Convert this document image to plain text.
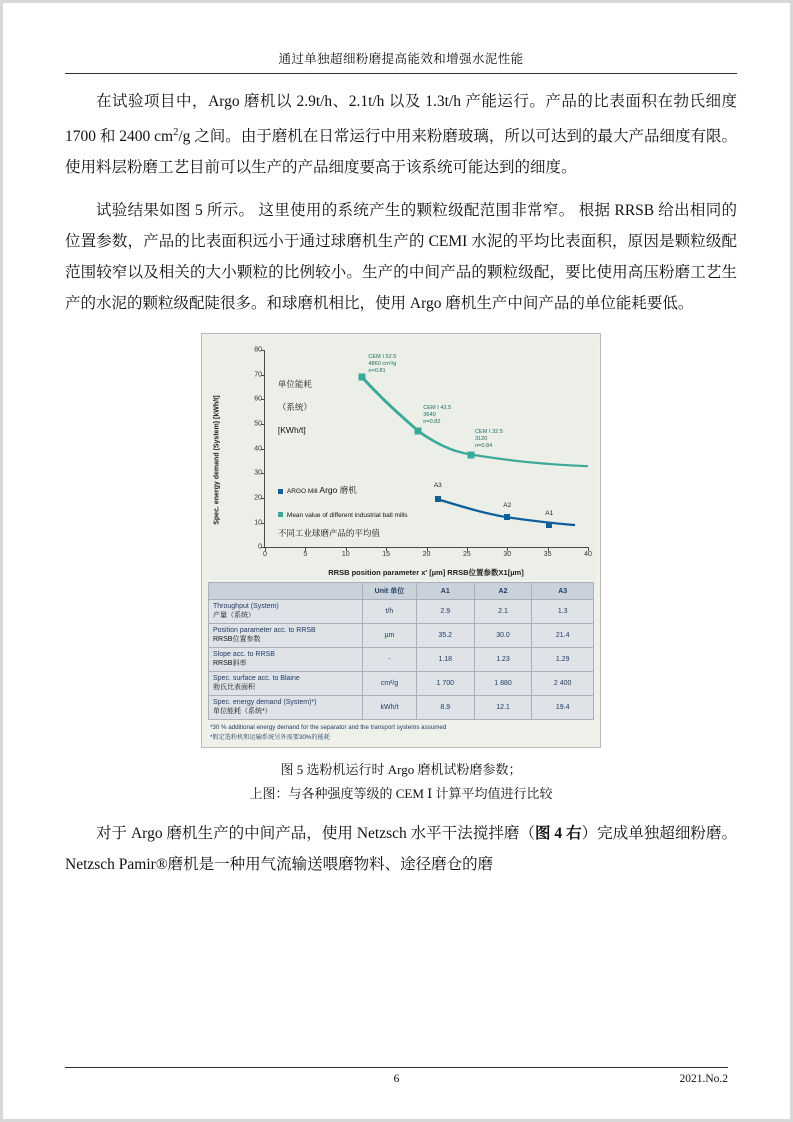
通过单独超细粉磨提高能效和增强水泥性能

在试验项目中，Argo 磨机以 2.9t/h、2.1t/h 以及 1.3t/h 产能运行。产品的比表面积在勃氏细度 1700 和 2400 $cm^2/g$ 之间。由于磨机在日常运行中用来粉磨玻璃，所以可达到的最大产品细度有限。使用料层粉磨工艺目前可以生产的产品细度要高于该系统可能达到的细度。

试验结果如图 5 所示。 这里使用的系统产生的颗粒级配范围非常窄。 根据 RRSB 给出相同的位置参数，产品的比表面积远小于通过球磨机生产的 CEMI 水泥的平均比表面积，原因是颗粒级配范围较窄以及相关的大小颗粒的比例较小。生产的中间产品的颗粒级配，要比使用高压粉磨工艺生产的水泥的颗粒级配陡很多。和球磨机相比，使用 Argo 磨机生产中间产品的单位能耗要低。

Spec. energy demand (System) [kWh/t]
0
10
20
30
40
50
60
70
80
0	5	10	15	20	25	30	35	40
CEM I 52.5
4860 cm²/g
n=0.81
CEM I 42.5
3640
n=0.82

CEM I 32.5
3120
n=0.84
A3
A2
A1
单位能耗
（系统）
[KWh/t]
ARGO Mill Argo 磨机
Mean value of different industrial ball mills
不同工业球磨产品的平均值
RRSB position parameter x' [µm] RRSB位置参数X1[µm]
	Unit 单位	A1	A2	A3
Throughput (System)
产量（系统）	t/h	2.9	2.1	1.3
Position parameter acc. to RRSB
RRSB位置参数	µm	35.2	30.0	21.4
Slope acc. to RRSB
RRSB斜率	-	1.18	1.23	1.29
Spec. surface acc. to Blaine
勃氏比表面积	cm²/g	1 700	1 880	2 400
Spec. energy demand (System)*)
单位能耗（系统*）	kWh/t	8.9	12.1	19.4
*30 % additional energy demand for the separator and the transport systems assumed
*假定选粉机和运输系统另外需要30%的能耗
图 5 选粉机运行时 Argo 磨机试粉磨参数；
上图：与各种强度等级的 CEM Ⅰ 计算平均值进行比较

对于 Argo 磨机生产的中间产品，使用 Netzsch 水平干法搅拌磨（图 4 右）完成单独超细粉磨。Netzsch Pamir®磨机是一种用气流输送喂磨物料、途径磨仓的磨

6	2021.No.2
